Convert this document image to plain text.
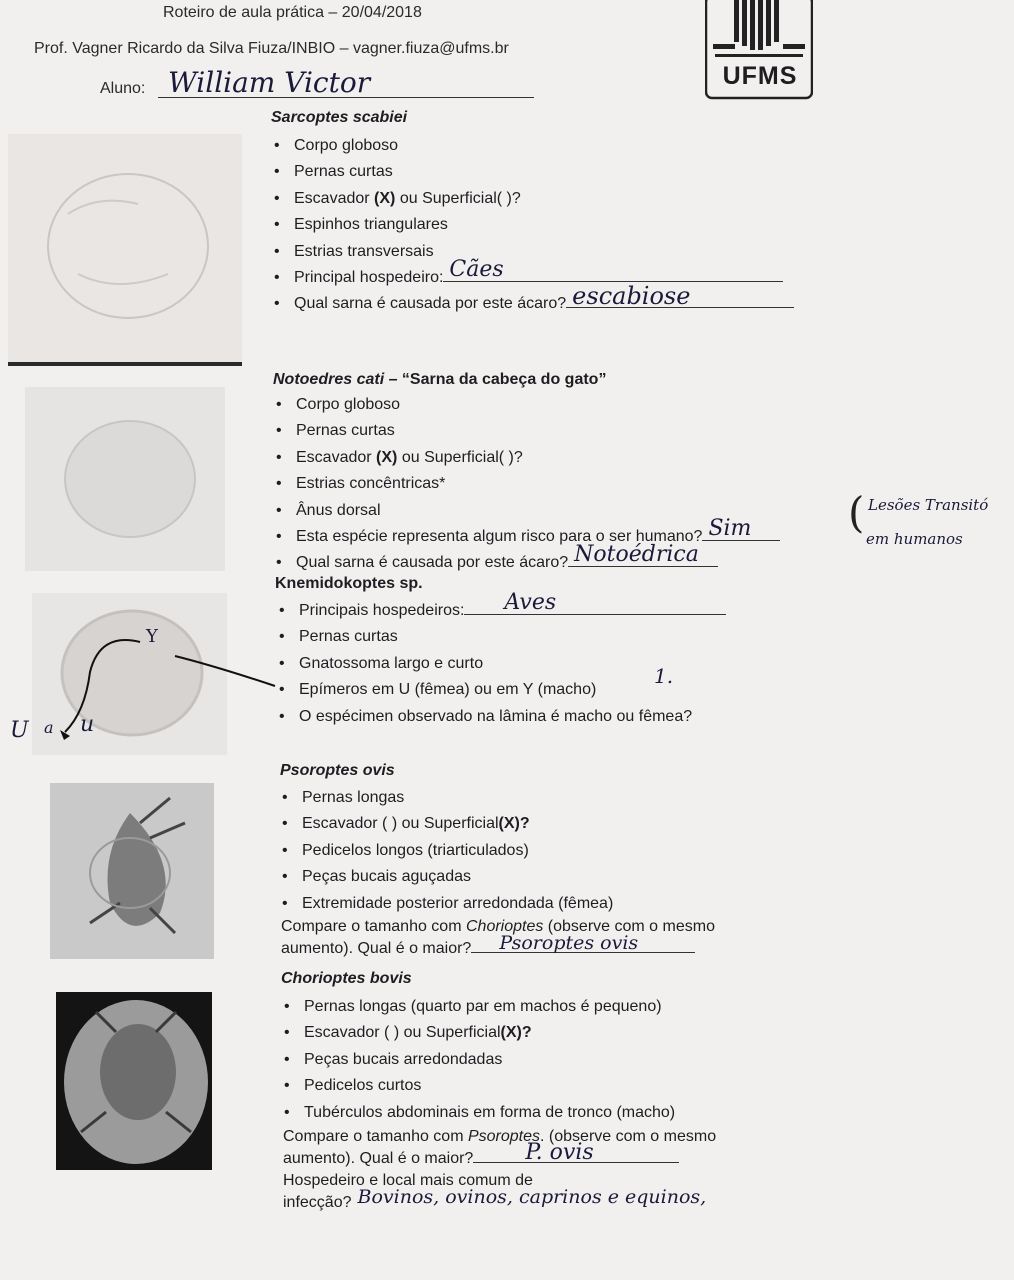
Roteiro de aula prática – 20/04/2018
Prof. Vagner Ricardo da Silva Fiuza/INBIO – vagner.fiuza@ufms.br
Aluno: William Victor	UFMS
Sarcoptes scabiei
• Corpo globoso
• Pernas curtas
• Escavador (X) ou Superficial( )?
• Espinhos triangulares
• Estrias transversais
• Principal hospedeiro: Cães
• Qual sarna é causada por este ácaro? escabiose
Notoedres cati – “Sarna da cabeça do gato”
• Corpo globoso
• Pernas curtas
• Escavador (X) ou Superficial( )?
• Estrias concêntricas*
• Ânus dorsal
• Esta espécie representa algum risco para o ser humano? Sim
• Qual sarna é causada por este ácaro? Notoédrica
( Lesões Transitó
em humanos
Knemidokoptes sp.
• Principais hospedeiros: Aves
• Pernas curtas
• Gnatossoma largo e curto
• Epímeros em U (fêmea) ou em Y (macho)
• O espécimen observado na lâmina é macho ou fêmea?
Y
U a u
1.
Psoroptes ovis
• Pernas longas
• Escavador ( ) ou Superficial(X)?
• Pedicelos longos (triarticulados)
• Peças bucais aguçadas
• Extremidade posterior arredondada (fêmea)
Compare o tamanho com Chorioptes (observe com o mesmo
aumento). Qual é o maior? Psoroptes ovis
Chorioptes bovis
• Pernas longas (quarto par em machos é pequeno)
• Escavador ( ) ou Superficial(X)?
• Peças bucais arredondadas
• Pedicelos curtos
• Tubérculos abdominais em forma de tronco (macho)
Compare o tamanho com Psoroptes. (observe com o mesmo
aumento). Qual é o maior? P. ovis
Hospedeiro e local mais comum de
infecção? Bovinos, ovinos, caprinos e equinos,
